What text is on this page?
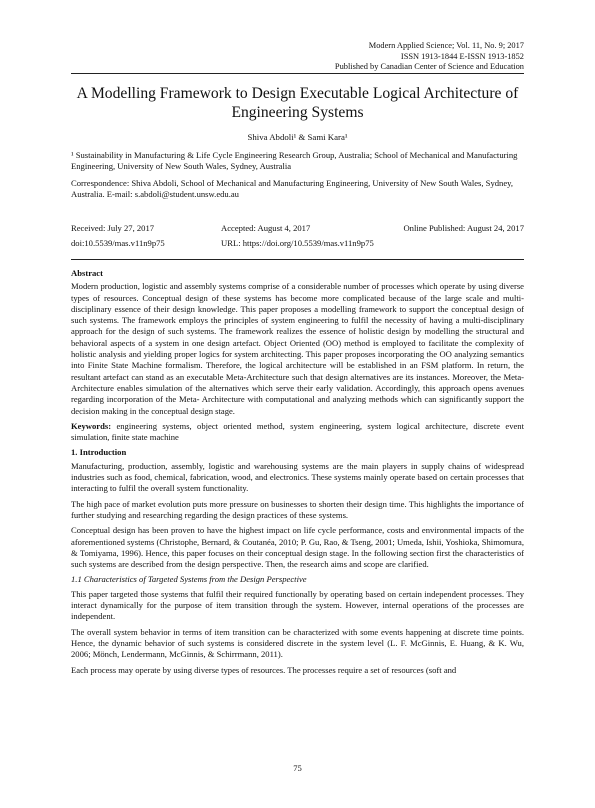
Modern Applied Science; Vol. 11, No. 9; 2017
ISSN 1913-1844 E-ISSN 1913-1852
Published by Canadian Center of Science and Education
A Modelling Framework to Design Executable Logical Architecture of Engineering Systems
Shiva Abdoli¹ & Sami Kara¹

¹ Sustainability in Manufacturing & Life Cycle Engineering Research Group, Australia; School of Mechanical and Manufacturing Engineering, University of New South Wales, Sydney, Australia

Correspondence: Shiva Abdoli, School of Mechanical and Manufacturing Engineering, University of New South Wales, Sydney, Australia. E-mail: s.abdoli@student.unsw.edu.au

Received: July 27, 2017	Accepted: August 4, 2017	Online Published: August 24, 2017
doi:10.5539/mas.v11n9p75	URL: https://doi.org/10.5539/mas.v11n9p75
Abstract

Modern production, logistic and assembly systems comprise of a considerable number of processes which operate by using diverse types of resources. Conceptual design of these systems has become more complicated because of the large scale and multi-disciplinary essence of their design knowledge. This paper proposes a modelling framework to support the conceptual design of such systems. The framework employs the principles of system engineering to fulfil the necessity of having a multi-disciplinary approach for the design of such systems. The framework realizes the essence of holistic design by modelling the structural and behavioral aspects of a system in one design artefact. Object Oriented (OO) method is employed to facilitate the complexity of holistic analysis and yielding proper logics for system architecting. This paper proposes incorporating the OO analyzing semantics into Finite State Machine formalism. Therefore, the logical architecture will be established in an FSM platform. In return, the resultant artefact can stand as an executable Meta-Architecture such that design alternatives are its instances. Moreover, the Meta-Architecture enables simulation of the alternatives which serve their early validation. Accordingly, this approach opens avenues regarding incorporation of the Meta- Architecture with computational and analyzing methods which can significantly support the decision making in the conceptual design stage.

Keywords: engineering systems, object oriented method, system engineering, system logical architecture, discrete event simulation, finite state machine

1. Introduction

Manufacturing, production, assembly, logistic and warehousing systems are the main players in supply chains of widespread industries such as food, chemical, fabrication, wood, and electronics. These systems mainly operate based on certain processes that interacting to fulfil the overall system functionality.

The high pace of market evolution puts more pressure on businesses to shorten their design time. This highlights the importance of further studying and researching regarding the design practices of these systems.

Conceptual design has been proven to have the highest impact on life cycle performance, costs and environmental impacts of the aforementioned systems (Christophe, Bernard, & Coutanéa, 2010; P. Gu, Rao, & Tseng, 2001; Umeda, Ishii, Yoshioka, Shimomura, & Tomiyama, 1996). Hence, this paper focuses on their conceptual design stage. In the following section first the characteristics of such systems are described from the design perspective. Then, the research aims and scope are clarified.

1.1 Characteristics of Targeted Systems from the Design Perspective

This paper targeted those systems that fulfil their required functionally by operating based on certain independent processes. They interact dynamically for the purpose of item transition through the system. However, internal operations of the processes are independent.

The overall system behavior in terms of item transition can be characterized with some events happening at discrete time points. Hence, the dynamic behavior of such systems is considered discrete in the system level (L. F. McGinnis, E. Huang, & K. Wu, 2006; Mönch, Lendermann, McGinnis, & Schirrmann, 2011).

Each process may operate by using diverse types of resources. The processes require a set of resources (soft and

75
